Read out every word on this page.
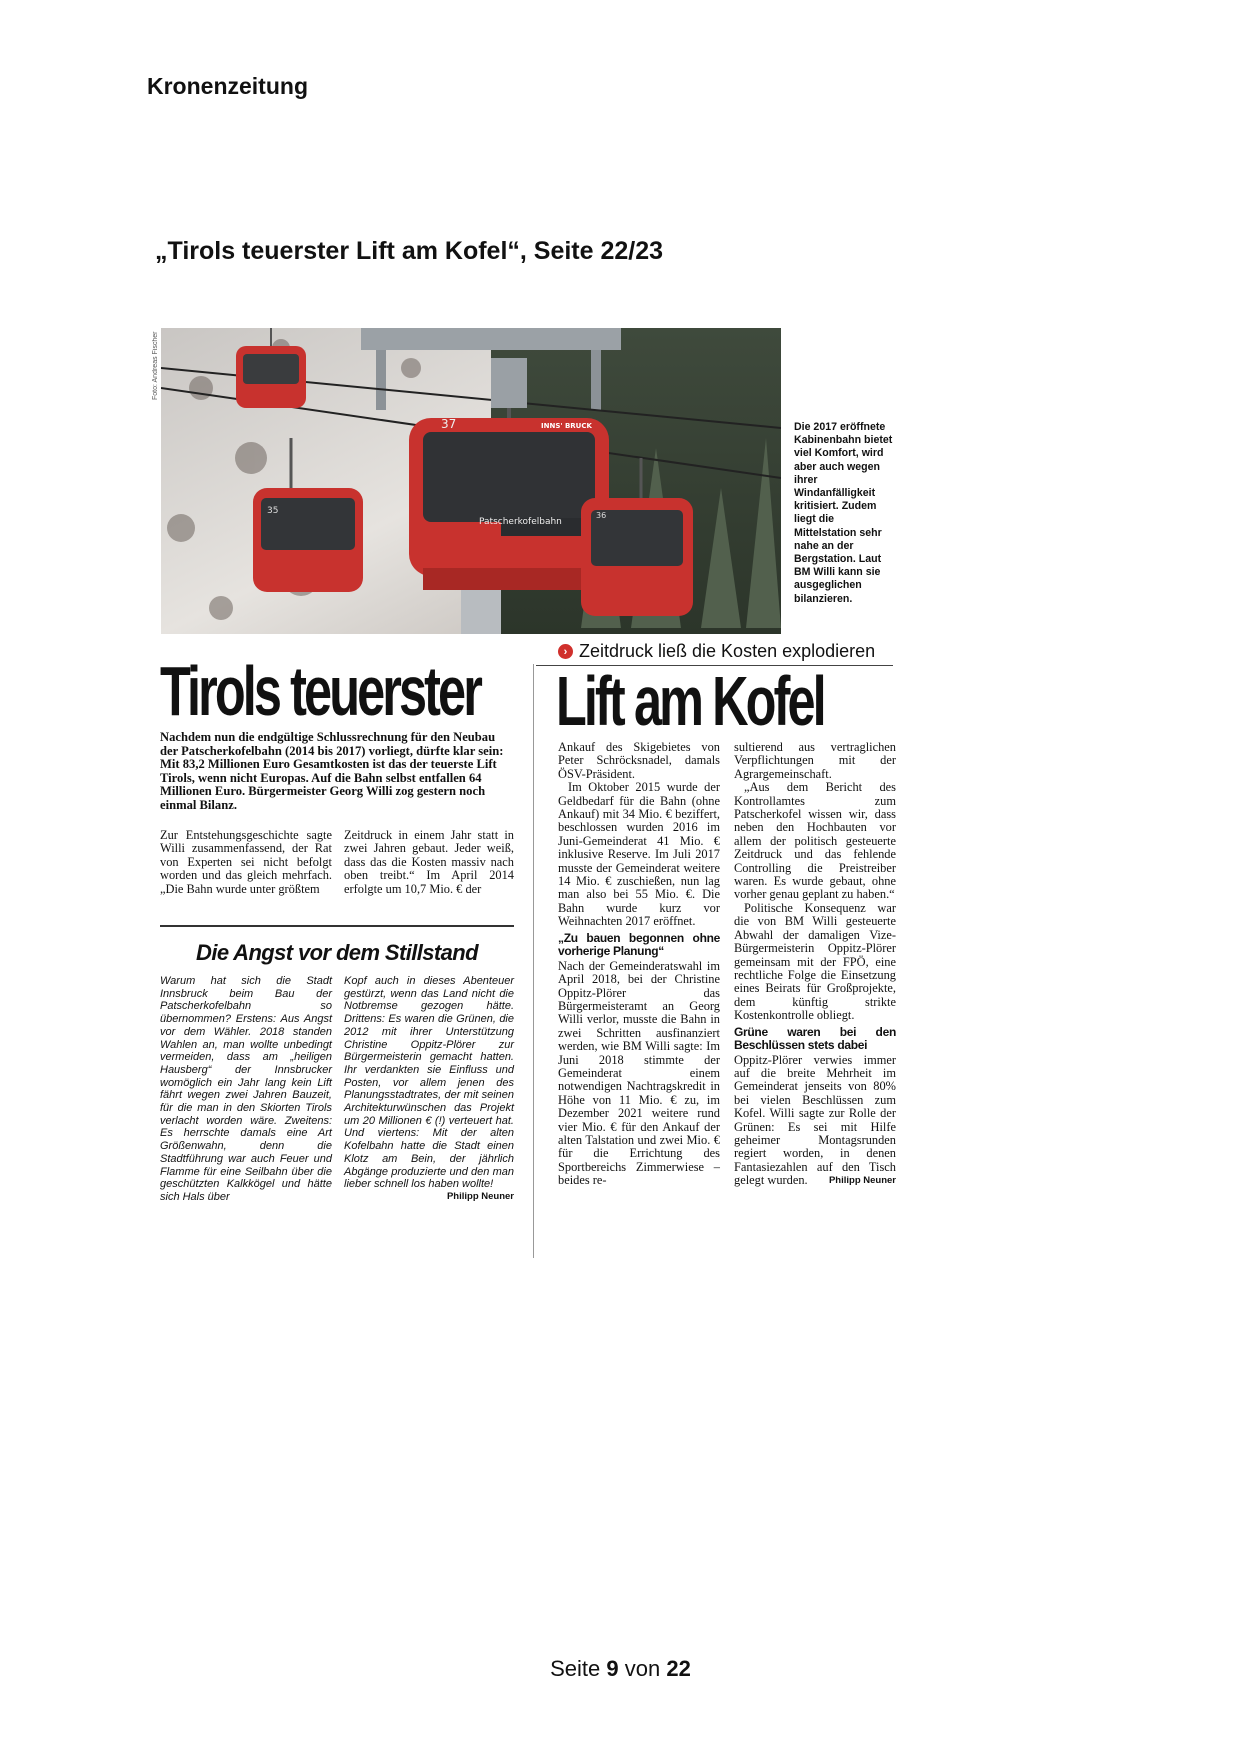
Kronenzeitung
„Tirols teuerster Lift am Kofel“, Seite 22/23
Foto: Andreas Fischer
35
37	INNS' BRUCK
Patscherkofelbahn
36
Die 2017 eröffnete Kabinenbahn bietet viel Komfort, wird aber auch wegen ihrer Windanfälligkeit kritisiert. Zudem liegt die Mittelstation sehr nahe an der Bergstation. Laut BM Willi kann sie ausgeglichen bilanzieren.
› Zeitdruck ließ die Kosten explodieren
Tirols teuerster Lift am Kofel
Nachdem nun die endgültige Schlussrechnung für den Neubau der Patscherkofelbahn (2014 bis 2017) vorliegt, dürfte klar sein: Mit 83,2 Millionen Euro Gesamtkosten ist das der teuerste Lift Tirols, wenn nicht Europas. Auf die Bahn selbst entfallen 64 Millionen Euro. Bürgermeister Georg Willi zog gestern noch einmal Bilanz.
Zur Entstehungsgeschichte sagte Willi zusammenfassend, der Rat von Experten sei nicht befolgt worden und das gleich mehrfach. „Die Bahn wurde unter größtem
Zeitdruck in einem Jahr statt in zwei Jahren gebaut. Jeder weiß, dass das die Kosten massiv nach oben treibt.“ Im April 2014 erfolgte um 10,7 Mio. € der

Ankauf des Skigebietes von Peter Schröcksnadel, damals ÖSV-Präsident.

Im Oktober 2015 wurde der Geldbedarf für die Bahn (ohne Ankauf) mit 34 Mio. € beziffert, beschlossen wurden 2016 im Juni-Gemeinderat 41 Mio. € inklusive Reserve. Im Juli 2017 musste der Gemeinderat weitere 14 Mio. € zuschießen, nun lag man also bei 55 Mio. €. Die Bahn wurde kurz vor Weihnachten 2017 eröffnet.

„Zu bauen begonnen ohne vorherige Planung“

Nach der Gemeinderatswahl im April 2018, bei der Christine Oppitz-Plörer das Bürgermeisteramt an Georg Willi verlor, musste die Bahn in zwei Schritten ausfinanziert werden, wie BM Willi sagte: Im Juni 2018 stimmte der Gemeinderat einem notwendigen Nachtragskredit in Höhe von 11 Mio. € zu, im Dezember 2021 weitere rund vier Mio. € für den Ankauf der alten Talstation und zwei Mio. € für die Errichtung des Sportbereichs Zimmerwiese – beides re-

sultierend aus vertraglichen Verpflichtungen mit der Agrargemeinschaft.

„Aus dem Bericht des Kontrollamtes zum Patscherkofel wissen wir, dass neben den Hochbauten vor allem der politisch gesteuerte Zeitdruck und das fehlende Controlling die Preistreiber waren. Es wurde gebaut, ohne vorher genau geplant zu haben.“

Politische Konsequenz war die von BM Willi gesteuerte Abwahl der damaligen Vize-Bürgermeisterin Oppitz-Plörer gemeinsam mit der FPÖ, eine rechtliche Folge die Einsetzung eines Beirats für Großprojekte, dem künftig strikte Kostenkontrolle obliegt.

Grüne waren bei den Beschlüssen stets dabei

Oppitz-Plörer verwies immer auf die breite Mehrheit im Gemeinderat jenseits von 80% bei vielen Beschlüssen zum Kofel. Willi sagte zur Rolle der Grünen: Es sei mit Hilfe geheimer Montagsrunden regiert worden, in denen Fantasiezahlen auf den Tisch gelegt wurden. Philipp Neuner

Die Angst vor dem Stillstand
Warum hat sich die Stadt Innsbruck beim Bau der Patscherkofelbahn so übernommen? Erstens: Aus Angst vor dem Wähler. 2018 standen Wahlen an, man wollte unbedingt vermeiden, dass am „heiligen Hausberg“ der Innsbrucker womöglich ein Jahr lang kein Lift fährt wegen zwei Jahren Bauzeit, für die man in den Skiorten Tirols verlacht worden wäre. Zweitens: Es herrschte damals eine Art Größenwahn, denn die Stadtführung war auch Feuer und Flamme für eine Seilbahn über die geschützten Kalkkögel und hätte sich Hals über
Kopf auch in dieses Abenteuer gestürzt, wenn das Land nicht die Notbremse gezogen hätte. Drittens: Es waren die Grünen, die 2012 mit ihrer Unterstützung Christine Oppitz-Plörer zur Bürgermeisterin gemacht hatten. Ihr verdankten sie Einfluss und Posten, vor allem jenen des Planungsstadtrates, der mit seinen Architekturwünschen das Projekt um 20 Millionen € (!) verteuert hat. Und viertens: Mit der alten Kofelbahn hatte die Stadt einen Klotz am Bein, der jährlich Abgänge produzierte und den man lieber schnell los haben wollte!
Philipp Neuner
Seite 9 von 22
